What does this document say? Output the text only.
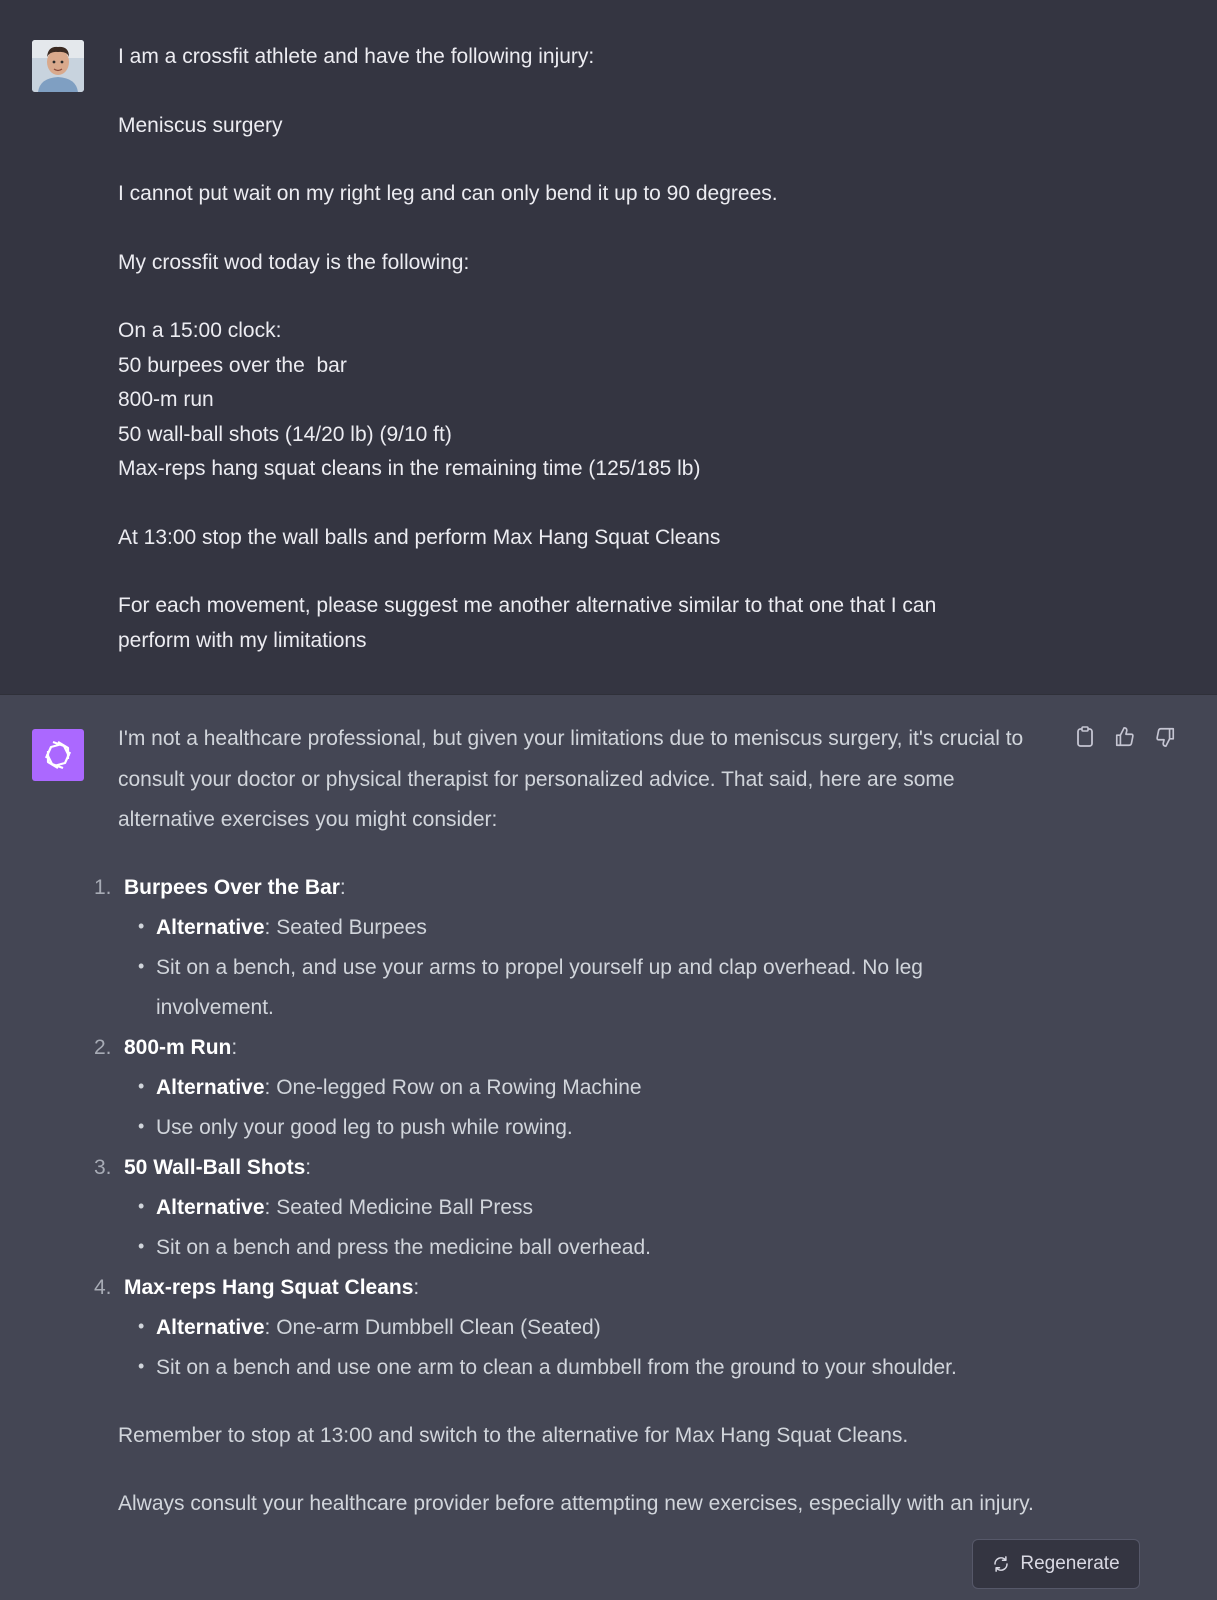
I am a crossfit athlete and have the following injury:

Meniscus surgery

I cannot put wait on my right leg and can only bend it up to 90 degrees.

My crossfit wod today is the following:

On a 15:00 clock:

50 burpees over the  bar

800-m run

50 wall-ball shots (14/20 lb) (9/10 ft)

Max-reps hang squat cleans in the remaining time (125/185 lb)

At 13:00 stop the wall balls and perform Max Hang Squat Cleans

For each movement, please suggest me another alternative similar to that one that I can

perform with my limitations

I'm not a healthcare professional, but given your limitations due to meniscus surgery, it's crucial to consult your doctor or physical therapist for personalized advice. That said, here are some alternative exercises you might consider:

1. Burpees Over the Bar:
• Alternative: Seated Burpees
• Sit on a bench, and use your arms to propel yourself up and clap overhead. No leg involvement.
2. 800-m Run:
• Alternative: One-legged Row on a Rowing Machine
• Use only your good leg to push while rowing.
3. 50 Wall-Ball Shots:
• Alternative: Seated Medicine Ball Press
• Sit on a bench and press the medicine ball overhead.
4. Max-reps Hang Squat Cleans:
• Alternative: One-arm Dumbbell Clean (Seated)
• Sit on a bench and use one arm to clean a dumbbell from the ground to your shoulder.

Remember to stop at 13:00 and switch to the alternative for Max Hang Squat Cleans.

Always consult your healthcare provider before attempting new exercises, especially with an injury.

Regenerate
